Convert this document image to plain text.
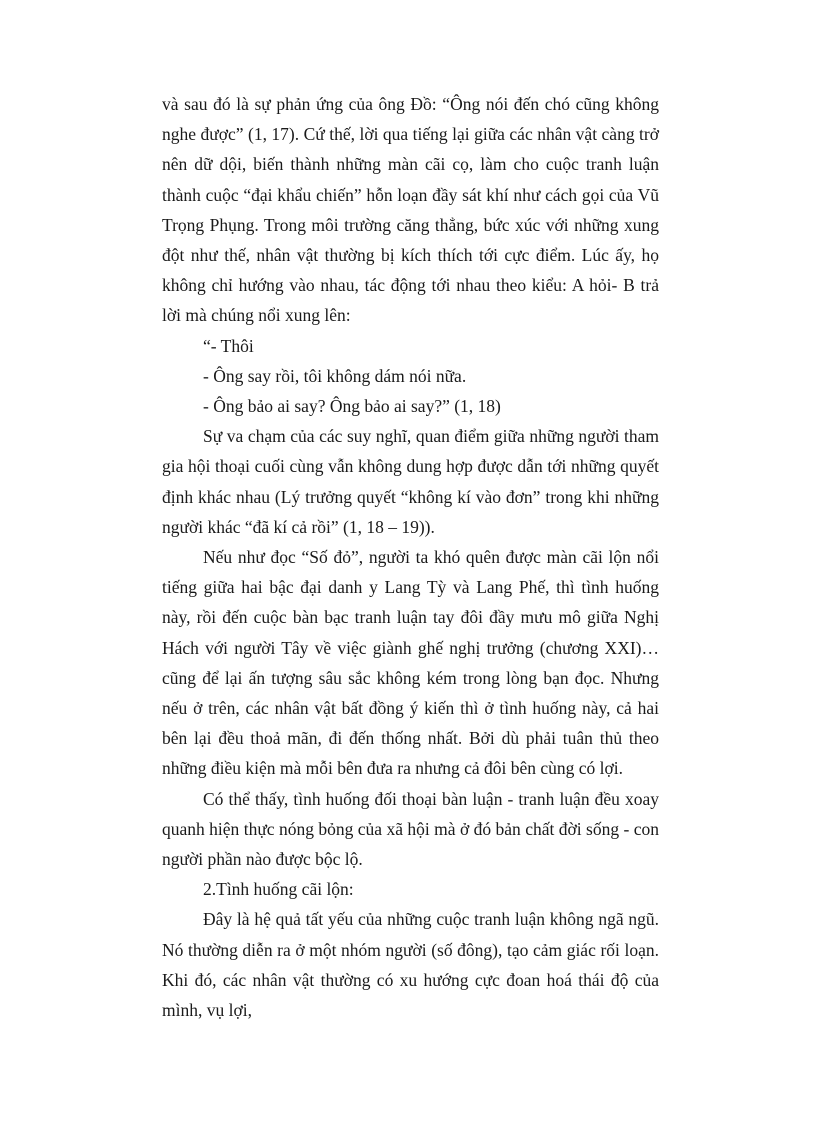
và sau đó là sự phản ứng của ông Đồ: “Ông nói đến chó cũng không nghe được” (1, 17). Cứ thế, lời qua tiếng lại giữa các nhân vật càng trở nên dữ dội, biến thành những màn cãi cọ, làm cho cuộc tranh luận thành cuộc “đại khẩu chiến” hỗn loạn đầy sát khí như cách gọi của Vũ Trọng Phụng. Trong môi trường căng thẳng, bức xúc với những xung đột như thế, nhân vật thường bị kích thích tới cực điểm. Lúc ấy, họ không chỉ hướng vào nhau, tác động tới nhau theo kiểu: A hỏi- B trả lời mà chúng nổi xung lên:

“- Thôi

- Ông say rồi, tôi không dám nói nữa.

- Ông bảo ai say? Ông bảo ai say?” (1, 18)

Sự va chạm của các suy nghĩ, quan điểm giữa những người tham gia hội thoại cuối cùng vẫn không dung hợp được dẫn tới những quyết định khác nhau (Lý trưởng quyết “không kí vào đơn” trong khi những người khác “đã kí cả rồi” (1, 18 – 19)).

Nếu như đọc “Số đỏ”, người ta khó quên được màn cãi lộn nổi tiếng giữa hai bậc đại danh y Lang Tỳ và Lang Phế, thì tình huống này, rồi đến cuộc bàn bạc tranh luận tay đôi đầy mưu mô giữa Nghị Hách với người Tây về việc giành ghế nghị trưởng (chương XXI)… cũng để lại ấn tượng sâu sắc không kém trong lòng bạn đọc. Nhưng nếu ở trên, các nhân vật bất đồng ý kiến thì ở tình huống này, cả hai bên lại đều thoả mãn, đi đến thống nhất. Bởi dù phải tuân thủ theo những điều kiện mà mỗi bên đưa ra nhưng cả đôi bên cùng có lợi.

Có thể thấy, tình huống đối thoại bàn luận - tranh luận đều xoay quanh hiện thực nóng bỏng của xã hội mà ở đó bản chất đời sống - con người phần nào được bộc lộ.

2.Tình huống cãi lộn:

Đây là hệ quả tất yếu của những cuộc tranh luận không ngã ngũ. Nó thường diễn ra ở một nhóm người (số đông), tạo cảm giác rối loạn. Khi đó, các nhân vật thường có xu hướng cực đoan hoá thái độ của mình, vụ lợi,
